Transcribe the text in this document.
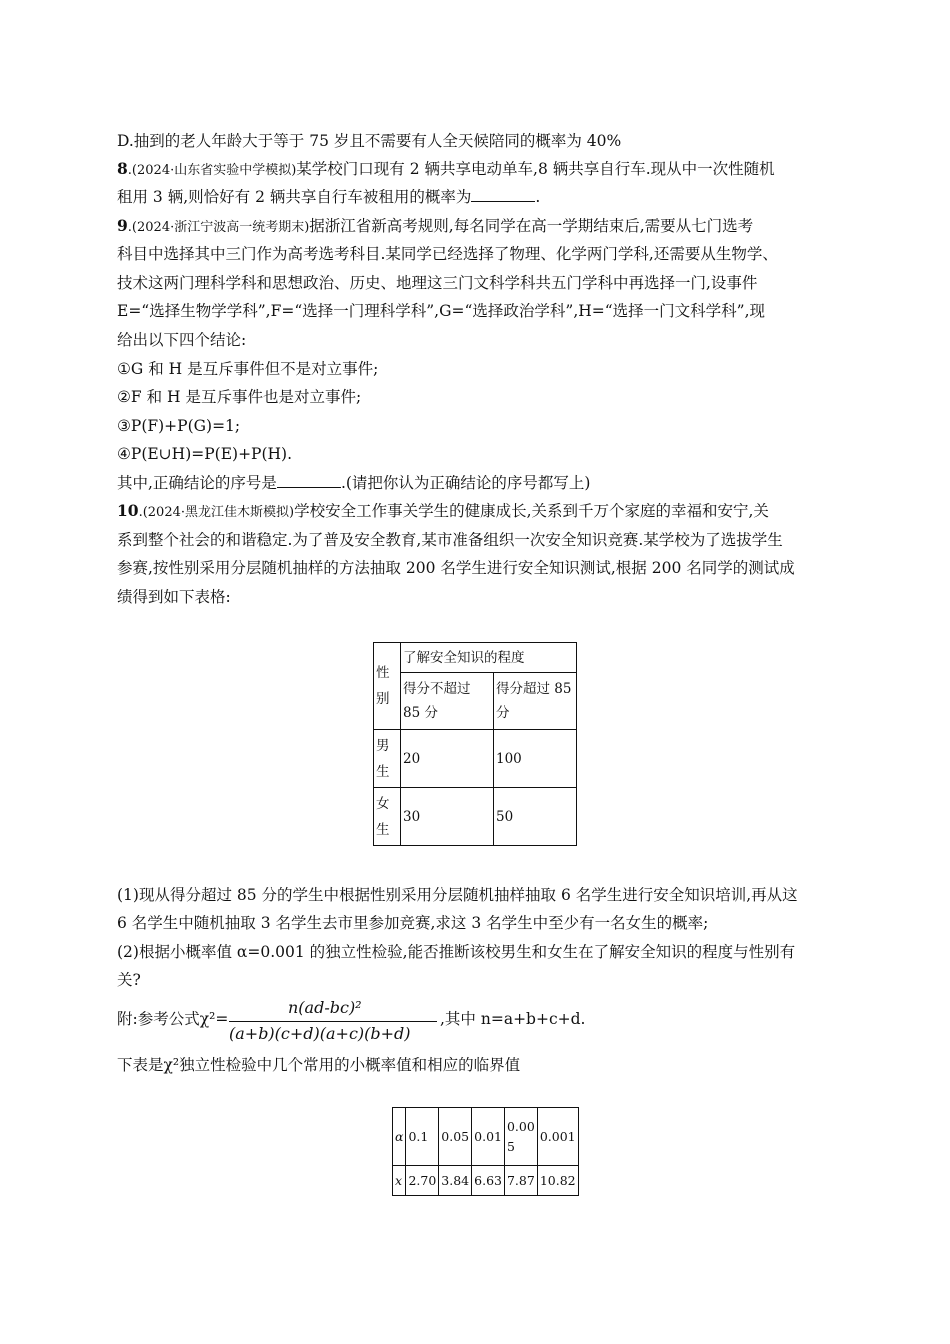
D.抽到的老人年龄大于等于 75 岁且不需要有人全天候陪同的概率为 40%
8.(2024·山东省实验中学模拟)某学校门口现有 2 辆共享电动单车,8 辆共享自行车.现从中一次性随机
租用 3 辆,则恰好有 2 辆共享自行车被租用的概率为	.
9.(2024·浙江宁波高一统考期末)据浙江省新高考规则,每名同学在高一学期结束后,需要从七门选考
科目中选择其中三门作为高考选考科目.某同学已经选择了物理、化学两门学科,还需要从生物学、
技术这两门理科学科和思想政治、历史、地理这三门文科学科共五门学科中再选择一门,设事件
E=“选择生物学学科”,F=“选择一门理科学科”,G=“选择政治学科”,H=“选择一门文科学科”,现
给出以下四个结论:
①G 和 H 是互斥事件但不是对立事件;
②F 和 H 是互斥事件也是对立事件;
③P(F)+P(G)=1;
④P(E∪H)=P(E)+P(H).
其中,正确结论的序号是	.(请把你认为正确结论的序号都写上)
10.(2024·黑龙江佳木斯模拟)学校安全工作事关学生的健康成长,关系到千万个家庭的幸福和安宁,关
系到整个社会的和谐稳定.为了普及安全教育,某市准备组织一次安全知识竞赛.某学校为了选拔学生
参赛,按性别采用分层随机抽样的方法抽取 200 名学生进行安全知识测试,根据 200 名同学的测试成
绩得到如下表格:
性别	了解安全知识的程度	
	得分不超过 85 分	得分超过 85 分
男生	20	100
女生	30	50
(1)现从得分超过 85 分的学生中根据性别采用分层随机抽样抽取 6 名学生进行安全知识培训,再从这
6 名学生中随机抽取 3 名学生去市里参加竞赛,求这 3 名学生中至少有一名女生的概率;
(2)根据小概率值 α=0.001 的独立性检验,能否推断该校男生和女生在了解安全知识的程度与性别有
关?
附:参考公式χ²=
n(ad-bc)²
(a+b)(c+d)(a+c)(b+d)
,其中 n=a+b+c+d.
下表是χ²独立性检验中几个常用的小概率值和相应的临界值
α	0.1	0.05	0.01	0.005	0.001
x	2.70	3.84	6.63	7.87	10.82
